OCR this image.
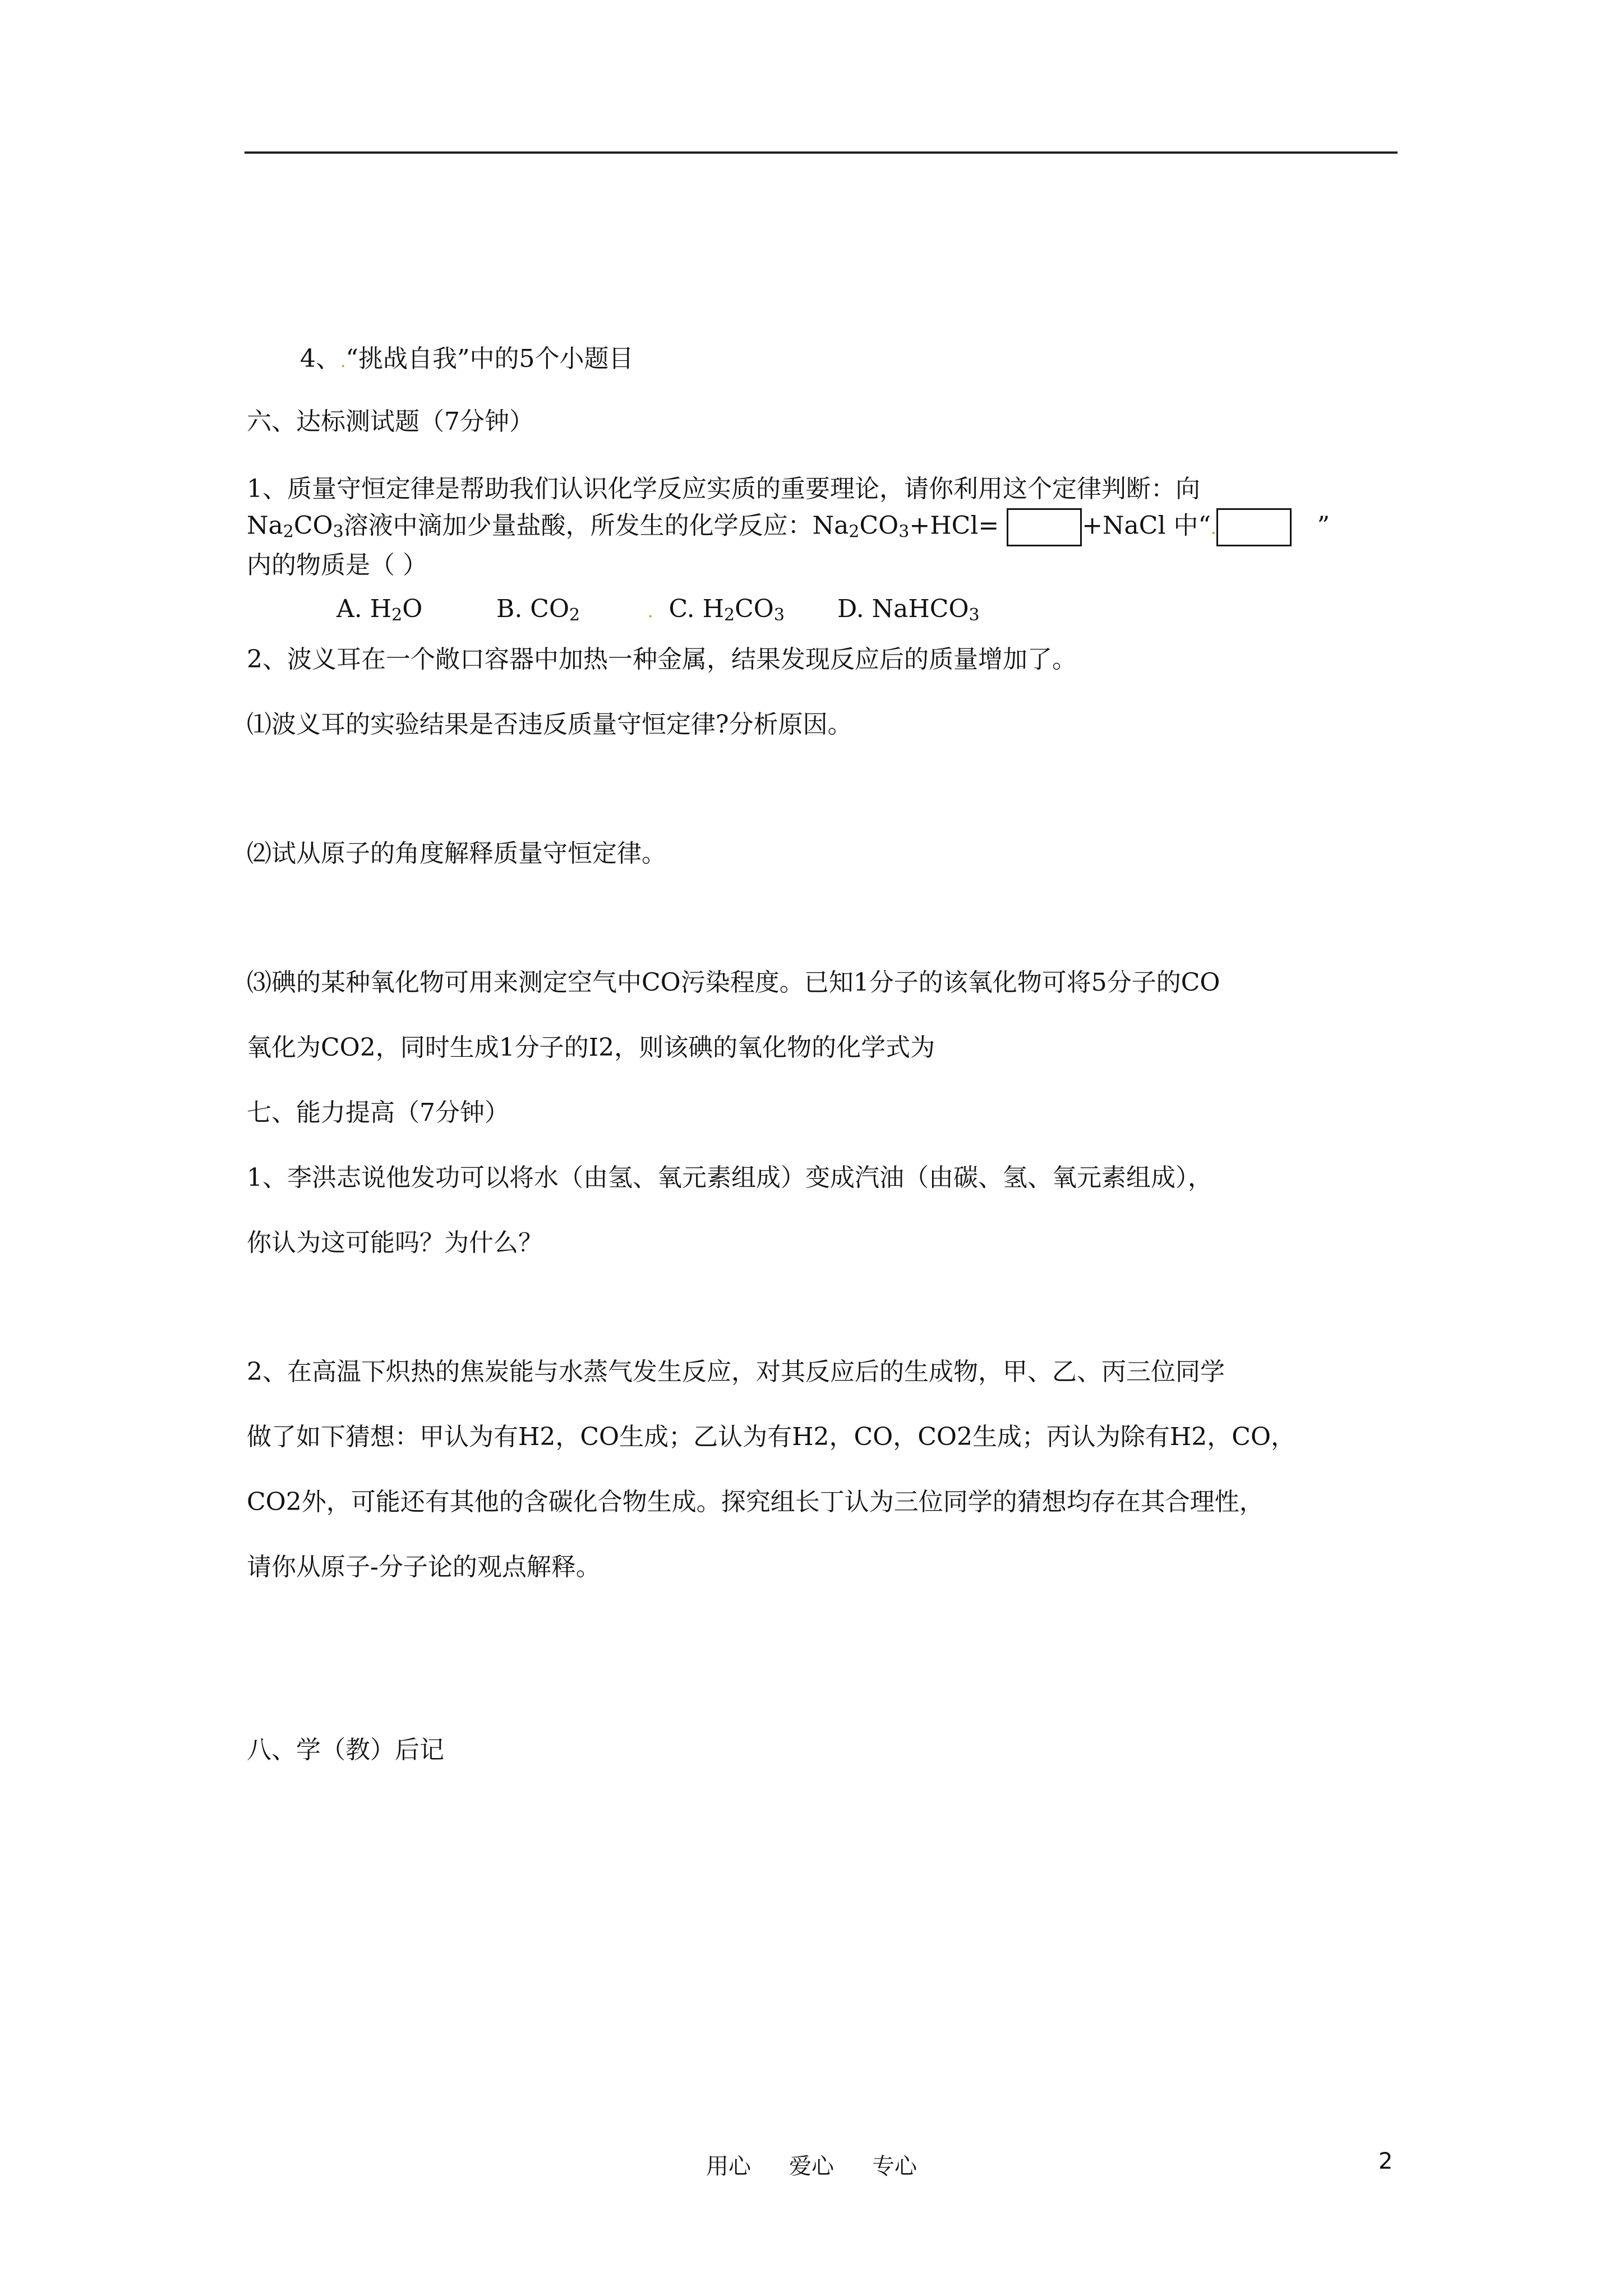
4、.“挑战自我”中的5个小题目
六、达标测试题（7分钟）
1、质量守恒定律是帮助我们认识化学反应实质的重要理论，请你利用这个定律判断：向
$Na_2CO_3$溶液中滴加少量盐酸，所发生的化学反应：$Na_2CO_3+HCl=$	+NaCl 中“.	”
内的物质是（ ）
A. $H_2O$	B. $CO_2$	. C. $H_2CO_3$ D. NaHCO$_3$
2、波义耳在一个敞口容器中加热一种金属，结果发现反应后的质量增加了。
⑴波义耳的实验结果是否违反质量守恒定律?分析原因。
⑵试从原子的角度解释质量守恒定律。
⑶碘的某种氧化物可用来测定空气中CO污染程度。已知1分子的该氧化物可将5分子的CO
氧化为CO2，同时生成1分子的I2，则该碘的氧化物的化学式为
七、能力提高（7分钟）
1、李洪志说他发功可以将水（由氢、氧元素组成）变成汽油（由碳、氢、氧元素组成），
你认为这可能吗？为什么？
2、在高温下炽热的焦炭能与水蒸气发生反应，对其反应后的生成物，甲、乙、丙三位同学
做了如下猜想：甲认为有H2，CO生成；乙认为有H2，CO，CO2生成；丙认为除有H2，CO，
CO2外，可能还有其他的含碳化合物生成。探究组长丁认为三位同学的猜想均存在其合理性，
请你从原子-分子论的观点解释。
八、学（教）后记
用心 爱心 专心	2
